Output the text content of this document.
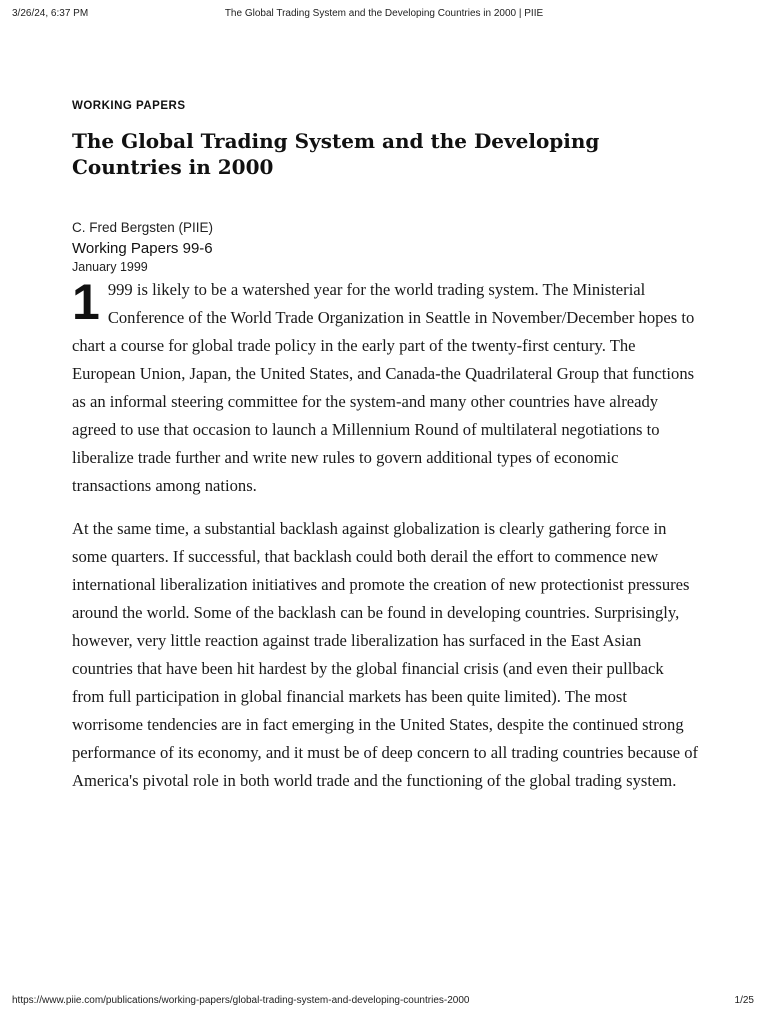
3/26/24, 6:37 PM	The Global Trading System and the Developing Countries in 2000 | PIIE

WORKING PAPERS

The Global Trading System and the Developing Countries in 2000

C. Fred Bergsten (PIIE)

Working Papers 99-6

January 1999

1 999 is likely to be a watershed year for the world trading system. The Ministerial Conference of the World Trade Organization in Seattle in November/December hopes to chart a course for global trade policy in the early part of the twenty-first century. The European Union, Japan, the United States, and Canada-the Quadrilateral Group that functions as an informal steering committee for the system-and many other countries have already agreed to use that occasion to launch a Millennium Round of multilateral negotiations to liberalize trade further and write new rules to govern additional types of economic transactions among nations.

At the same time, a substantial backlash against globalization is clearly gathering force in some quarters. If successful, that backlash could both derail the effort to commence new international liberalization initiatives and promote the creation of new protectionist pressures around the world. Some of the backlash can be found in developing countries. Surprisingly, however, very little reaction against trade liberalization has surfaced in the East Asian countries that have been hit hardest by the global financial crisis (and even their pullback from full participation in global financial markets has been quite limited). The most worrisome tendencies are in fact emerging in the United States, despite the continued strong performance of its economy, and it must be of deep concern to all trading countries because of America's pivotal role in both world trade and the functioning of the global trading system.

https://www.piie.com/publications/working-papers/global-trading-system-and-developing-countries-2000	1/25
